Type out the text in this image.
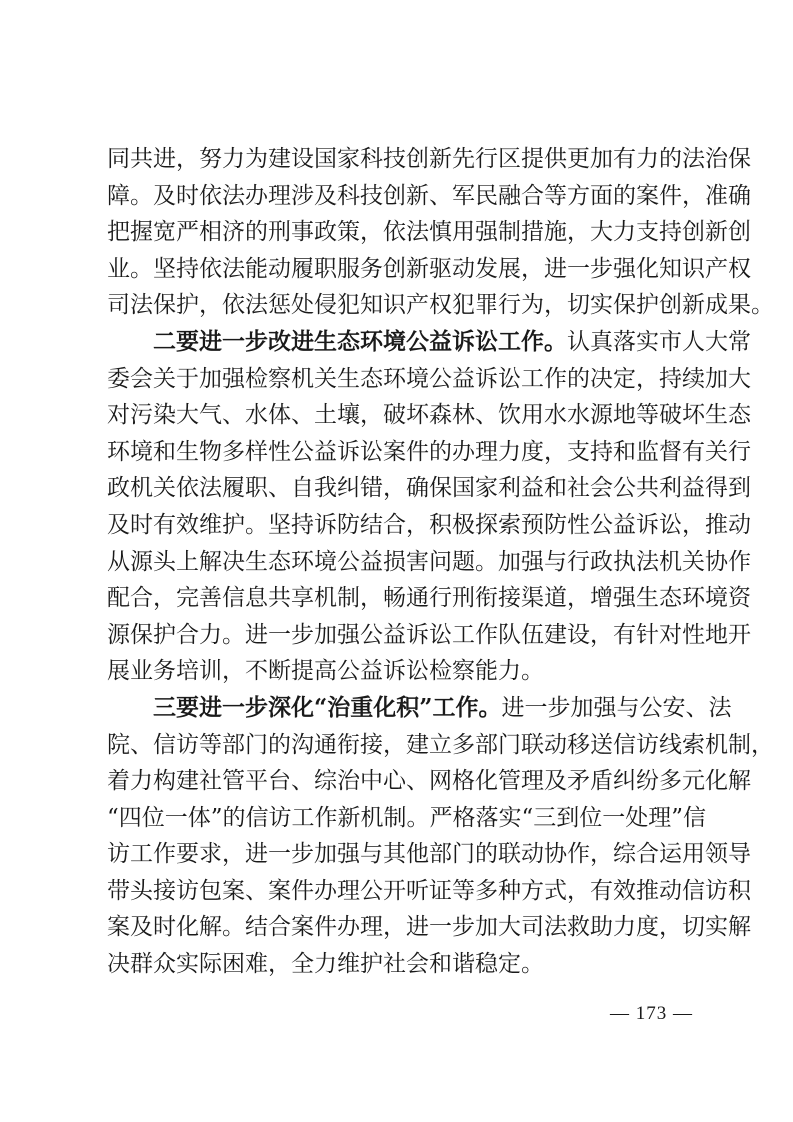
同共进，努力为建设国家科技创新先行区提供更加有力的法治保
障。及时依法办理涉及科技创新、军民融合等方面的案件，准确
把握宽严相济的刑事政策，依法慎用强制措施，大力支持创新创
业。坚持依法能动履职服务创新驱动发展，进一步强化知识产权
司法保护，依法惩处侵犯知识产权犯罪行为，切实保护创新成果。
二要进一步改进生态环境公益诉讼工作。认真落实市人大常
委会关于加强检察机关生态环境公益诉讼工作的决定，持续加大
对污染大气、水体、土壤，破坏森林、饮用水水源地等破坏生态
环境和生物多样性公益诉讼案件的办理力度，支持和监督有关行
政机关依法履职、自我纠错，确保国家利益和社会公共利益得到
及时有效维护。坚持诉防结合，积极探索预防性公益诉讼，推动
从源头上解决生态环境公益损害问题。加强与行政执法机关协作
配合，完善信息共享机制，畅通行刑衔接渠道，增强生态环境资
源保护合力。进一步加强公益诉讼工作队伍建设，有针对性地开
展业务培训，不断提高公益诉讼检察能力。
三要进一步深化“治重化积”工作。进一步加强与公安、法
院、信访等部门的沟通衔接，建立多部门联动移送信访线索机制，
着力构建社管平台、综治中心、网格化管理及矛盾纠纷多元化解
“四位一体”的信访工作新机制。严格落实“三到位一处理”信
访工作要求，进一步加强与其他部门的联动协作，综合运用领导
带头接访包案、案件办理公开听证等多种方式，有效推动信访积
案及时化解。结合案件办理，进一步加大司法救助力度，切实解
决群众实际困难，全力维护社会和谐稳定。
— 173 —
